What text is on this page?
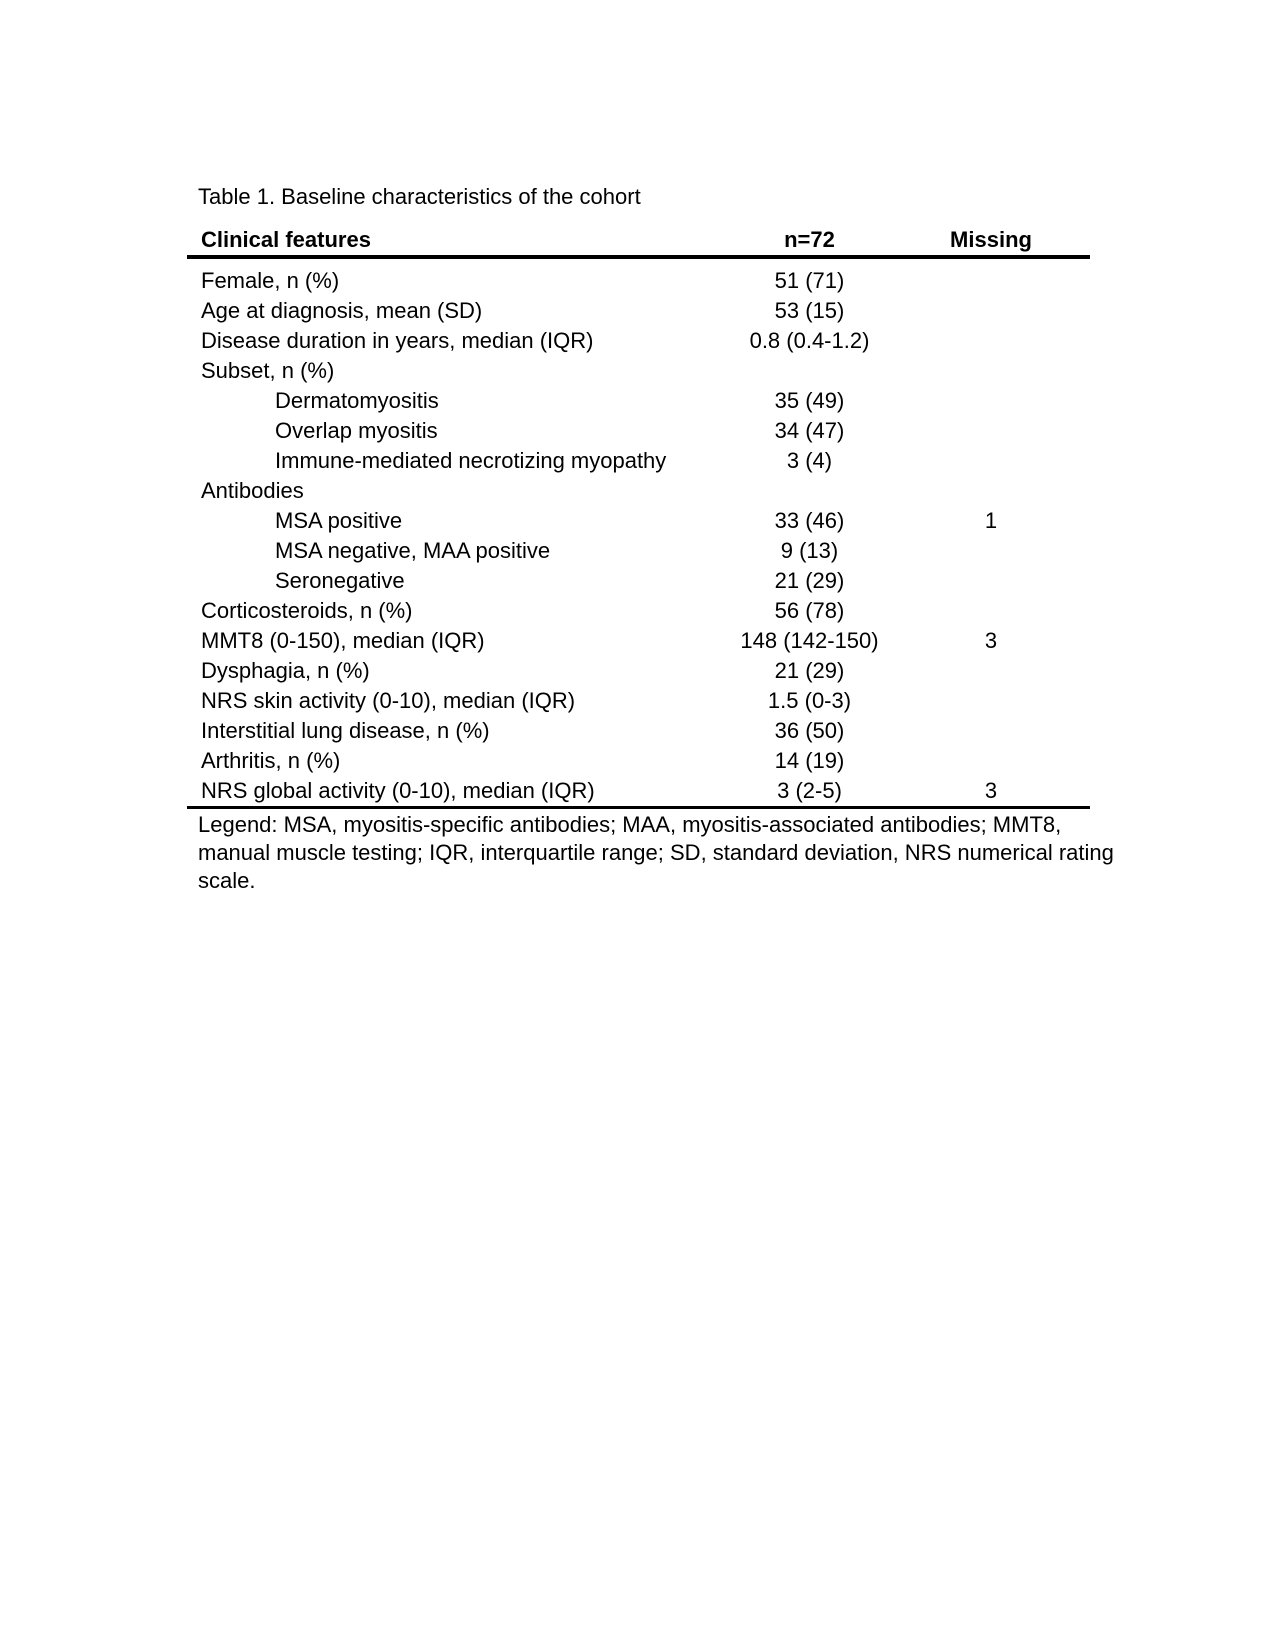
Table 1. Baseline characteristics of the cohort

Clinical features	n=72	Missing
Female, n (%)	51 (71)	
Age at diagnosis, mean (SD)	53 (15)	
Disease duration in years, median (IQR)	0.8 (0.4-1.2)	
Subset, n (%)		
Dermatomyositis	35 (49)	
Overlap myositis	34 (47)	
Immune-mediated necrotizing myopathy	3 (4)	
Antibodies		
MSA positive	33 (46)	1
MSA negative, MAA positive	9 (13)	
Seronegative	21 (29)	
Corticosteroids, n (%)	56 (78)	
MMT8 (0-150), median (IQR)	148 (142-150)	3
Dysphagia, n (%)	21 (29)	
NRS skin activity (0-10), median (IQR)	1.5 (0-3)	
Interstitial lung disease, n (%)	36 (50)	
Arthritis, n (%)	14 (19)	
NRS global activity (0-10), median (IQR)	3 (2-5)	3
Legend: MSA, myositis-specific antibodies; MAA, myositis-associated antibodies; MMT8,
manual muscle testing; IQR, interquartile range; SD, standard deviation, NRS numerical rating
scale.
